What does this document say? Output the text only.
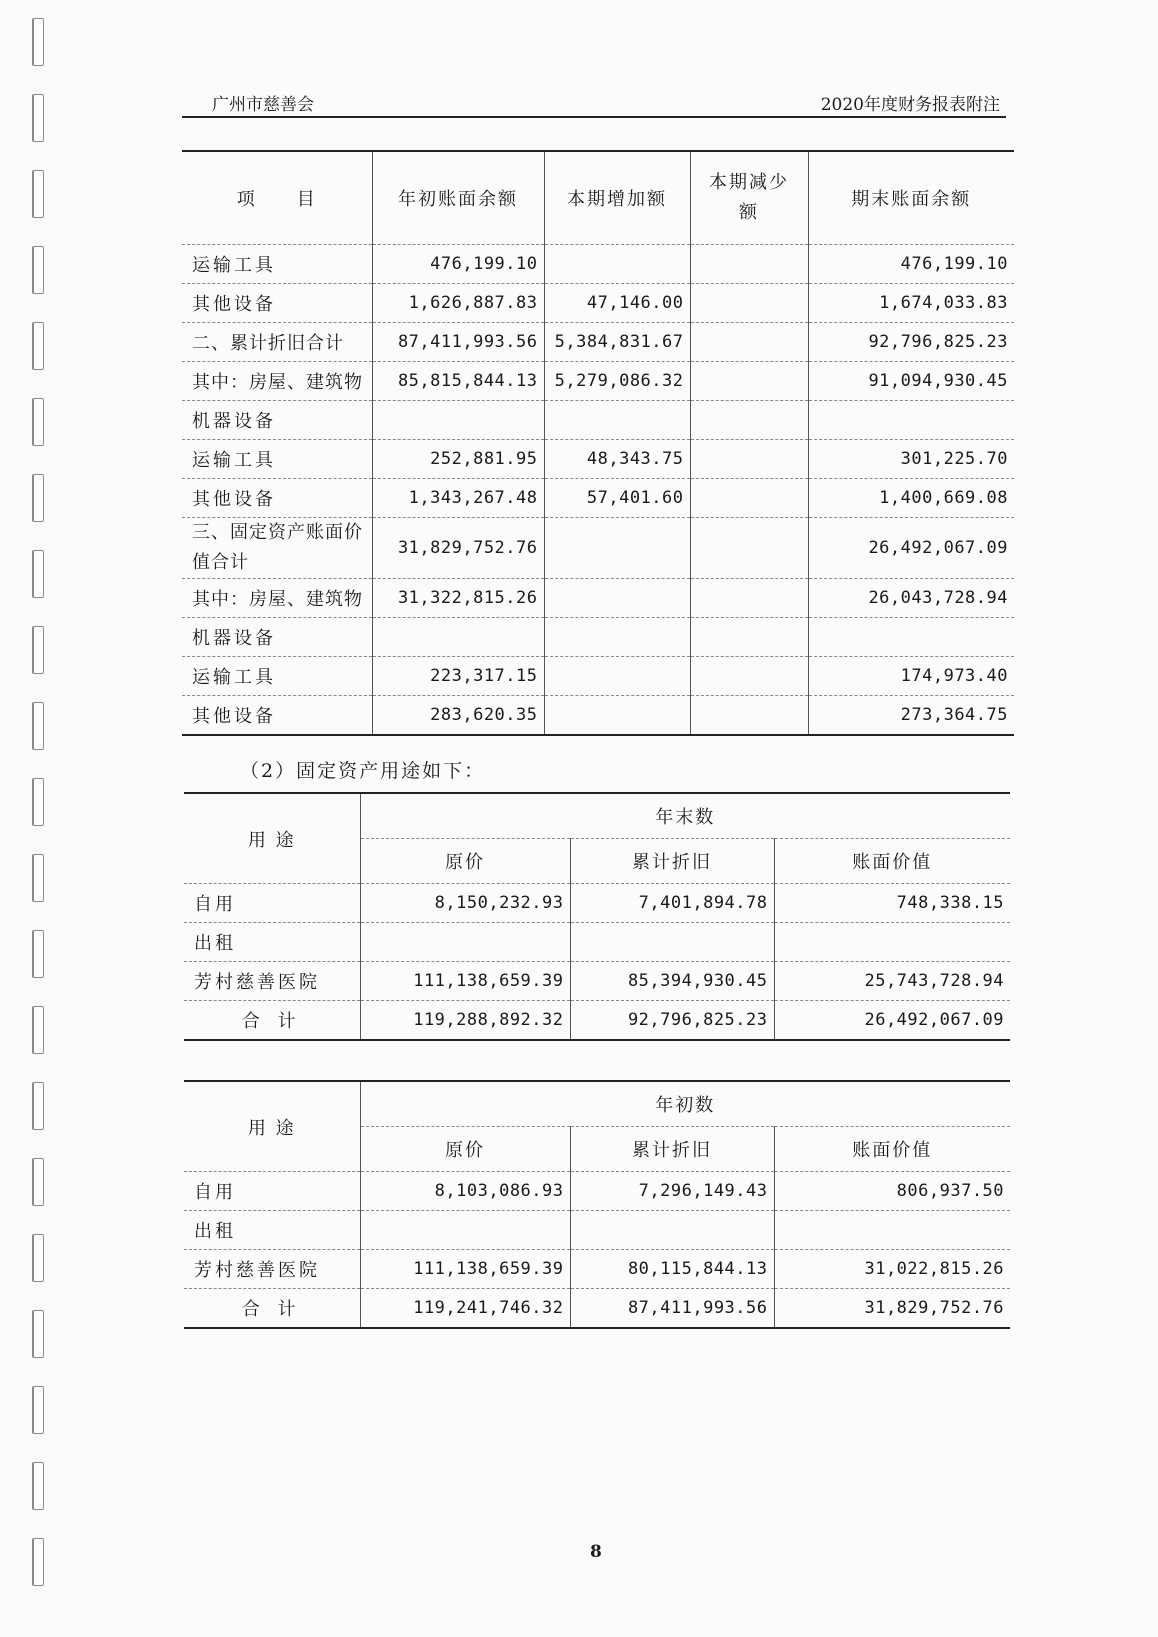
广州市慈善会	2020年度财务报表附注
项　　目	年初账面余额	本期增加额	本期减少额	期末账面余额
运输工具	476,199.10			476,199.10
其他设备	1,626,887.83	47,146.00		1,674,033.83
二、累计折旧合计	87,411,993.56	5,384,831.67		92,796,825.23
其中：房屋、建筑物	85,815,844.13	5,279,086.32		91,094,930.45
机器设备				
运输工具	252,881.95	48,343.75		301,225.70
其他设备	1,343,267.48	57,401.60		1,400,669.08
三、固定资产账面价值合计	31,829,752.76			26,492,067.09
其中：房屋、建筑物	31,322,815.26			26,043,728.94
机器设备				
运输工具	223,317.15			174,973.40
其他设备	283,620.35			273,364.75
（2）固定资产用途如下：
用 途	年末数		
	原价	累计折旧	账面价值
自用	8,150,232.93	7,401,894.78	748,338.15
出租			
芳村慈善医院	111,138,659.39	85,394,930.45	25,743,728.94
合 计	119,288,892.32	92,796,825.23	26,492,067.09
用 途	年初数		
	原价	累计折旧	账面价值
自用	8,103,086.93	7,296,149.43	806,937.50
出租			
芳村慈善医院	111,138,659.39	80,115,844.13	31,022,815.26
合 计	119,241,746.32	87,411,993.56	31,829,752.76
8
